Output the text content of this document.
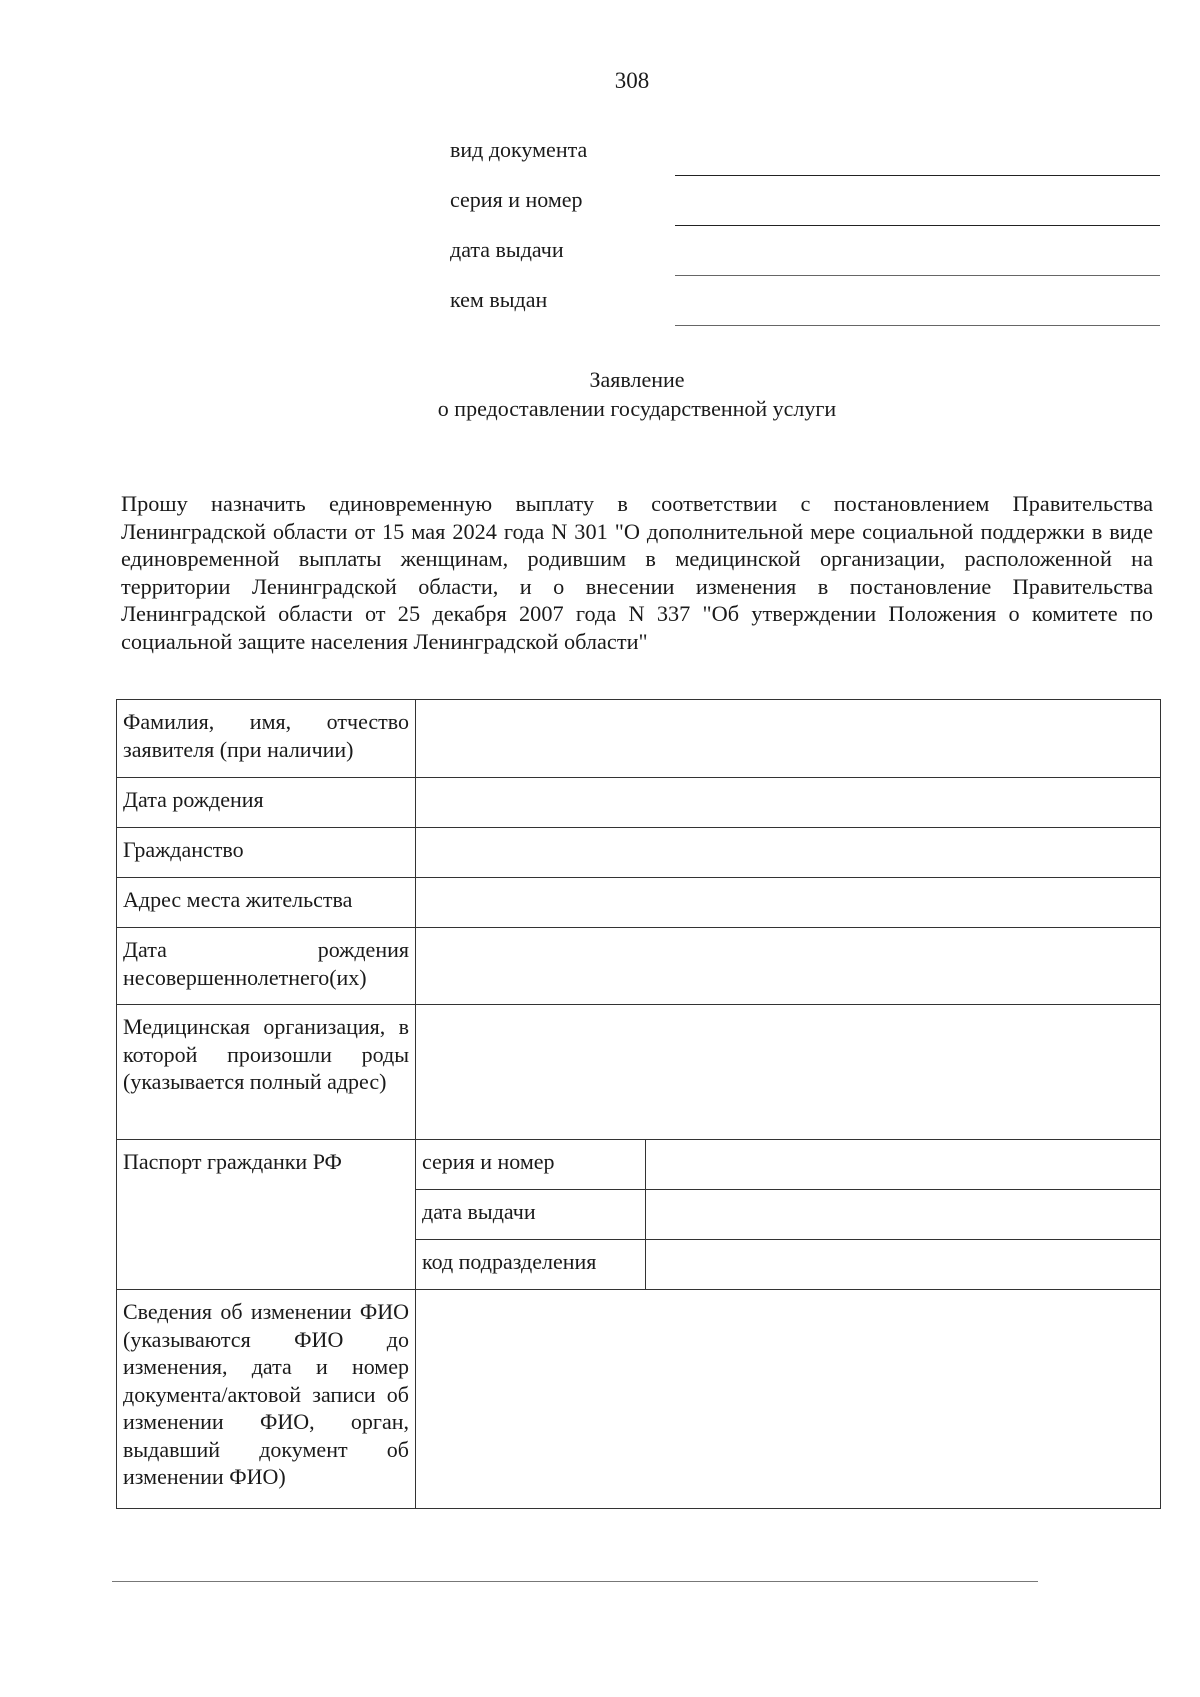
308
вид документа
серия и номер
дата выдачи
кем выдан
Заявление
о предоставлении государственной услуги

Прошу назначить единовременную выплату в соответствии с постановлением Правительства Ленинградской области от 15 мая 2024 года N 301 "О дополнительной мере социальной поддержки в виде единовременной выплаты женщинам, родившим в медицинской организации, расположенной на территории Ленинградской области, и о внесении изменения в постановление Правительства Ленинградской области от 25 декабря 2007 года N 337 "Об утверждении Положения о комитете по социальной защите населения Ленинградской области"

Фамилия, имя, отчество заявителя (при наличии)		
Дата рождения		
Гражданство		
Адрес места жительства		
Дата рождения несовершеннолетнего(их)		
Медицинская организация, в которой произошли роды (указывается полный адрес)		
Паспорт гражданки РФ	серия и номер	
	дата выдачи	
	код подразделения	
Сведения об изменении ФИО (указываются ФИО до изменения, дата и номер документа/актовой записи об изменении ФИО, орган, выдавший документ об изменении ФИО)		
